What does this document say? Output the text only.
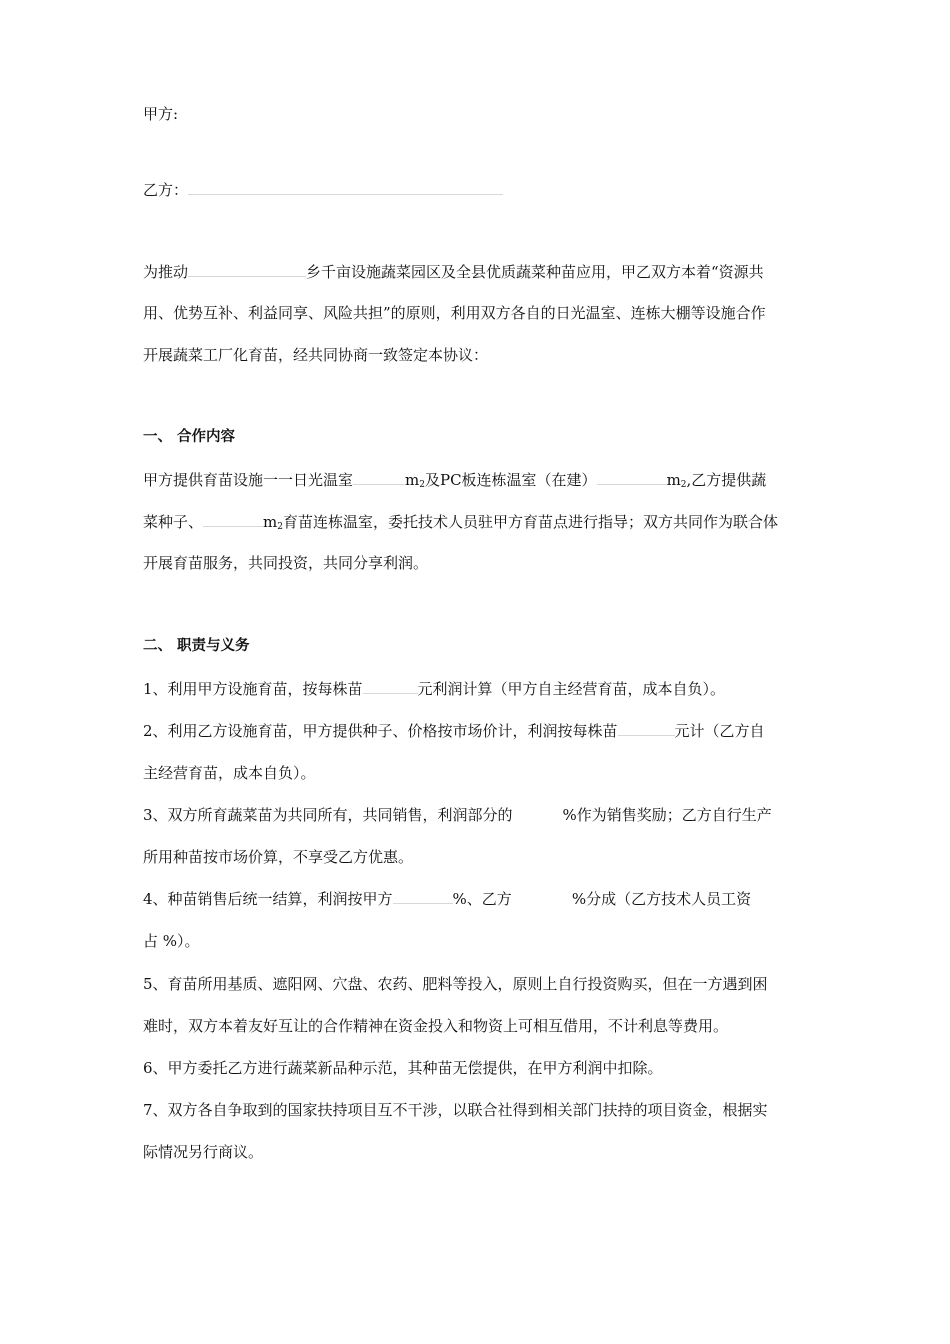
甲方:
乙方：
为推动	乡千亩设施蔬菜园区及全县优质蔬菜种苗应用，甲乙双方本着“资源共
用、优势互补、利益同享、风险共担”的原则，利用双方各自的日光温室、连栋大棚等设施合作
开展蔬菜工厂化育苗，经共同协商一致签定本协议：
一、 合作内容
甲方提供育苗设施一一日光温室	$m_2$及PC板连栋温室（在建）	$m_2$,乙方提供蔬
菜种子、	$m_2$育苗连栋温室，委托技术人员驻甲方育苗点进行指导；双方共同作为联合体
开展育苗服务，共同投资，共同分享利润。
二、 职责与义务
1、利用甲方设施育苗，按每株苗	元利润计算（甲方自主经营育苗，成本自负）。
2、利用乙方设施育苗，甲方提供种子、价格按市场价计，利润按每株苗	元计（乙方自
主经营育苗，成本自负）。
3、双方所育蔬菜苗为共同所有，共同销售，利润部分的	%作为销售奖励；乙方自行生产
所用种苗按市场价算，不享受乙方优惠。
4、种苗销售后统一结算，利润按甲方	%、乙方	%分成（乙方技术人员工资
占 %）。
5、育苗所用基质、遮阳网、穴盘、农药、肥料等投入，原则上自行投资购买，但在一方遇到困
难时，双方本着友好互让的合作精神在资金投入和物资上可相互借用，不计利息等费用。
6、甲方委托乙方进行蔬菜新品种示范，其种苗无偿提供，在甲方利润中扣除。
7、双方各自争取到的国家扶持项目互不干涉，以联合社得到相关部门扶持的项目资金，根据实
际情况另行商议。
